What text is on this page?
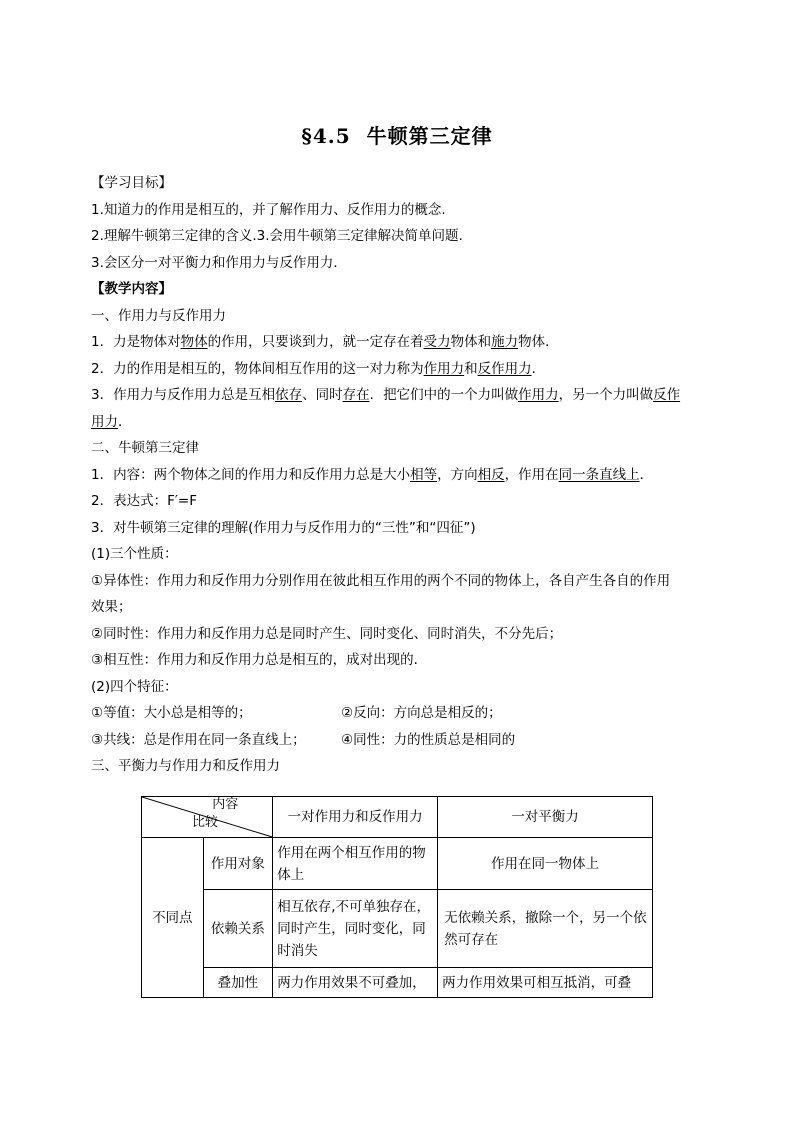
§4.5 牛顿第三定律
【学习目标】
1.知道力的作用是相互的，并了解作用力、反作用力的概念.
2.理解牛顿第三定律的含义.3.会用牛顿第三定律解决简单问题.
3.会区分一对平衡力和作用力与反作用力．
【教学内容】
一、作用力与反作用力
1．力是物体对物体的作用，只要谈到力，就一定存在着受力物体和施力物体．
2．力的作用是相互的，物体间相互作用的这一对力称为作用力和反作用力．
3．作用力与反作用力总是互相依存、同时存在．把它们中的一个力叫做作用力，另一个力叫做反作
用力．
二、牛顿第三定律
1．内容：两个物体之间的作用力和反作用力总是大小相等，方向相反，作用在同一条直线上．
2．表达式：F′=F
3．对牛顿第三定律的理解(作用力与反作用力的“三性”和“四征”)
(1)三个性质：
①异体性：作用力和反作用力分别作用在彼此相互作用的两个不同的物体上，各自产生各自的作用
效果；
②同时性：作用力和反作用力总是同时产生、同时变化、同时消失，不分先后；
③相互性：作用力和反作用力总是相互的，成对出现的．
(2)四个特征：
①等值：大小总是相等的；	②反向：方向总是相反的；
③共线：总是作用在同一条直线上；	④同性：力的性质总是相同的
三、平衡力与作用力和反作用力
内容
比较		一对作用力和反作用力	一对平衡力
不同点	作用对象	作用在两个相互作用的物体上	作用在同一物体上
	依赖关系	相互依存,不可单独存在，同时产生，同时变化，同时消失	无依赖关系，撤除一个，另一个依然可存在
	叠加性	两力作用效果不可叠加，	两力作用效果可相互抵消，可叠
